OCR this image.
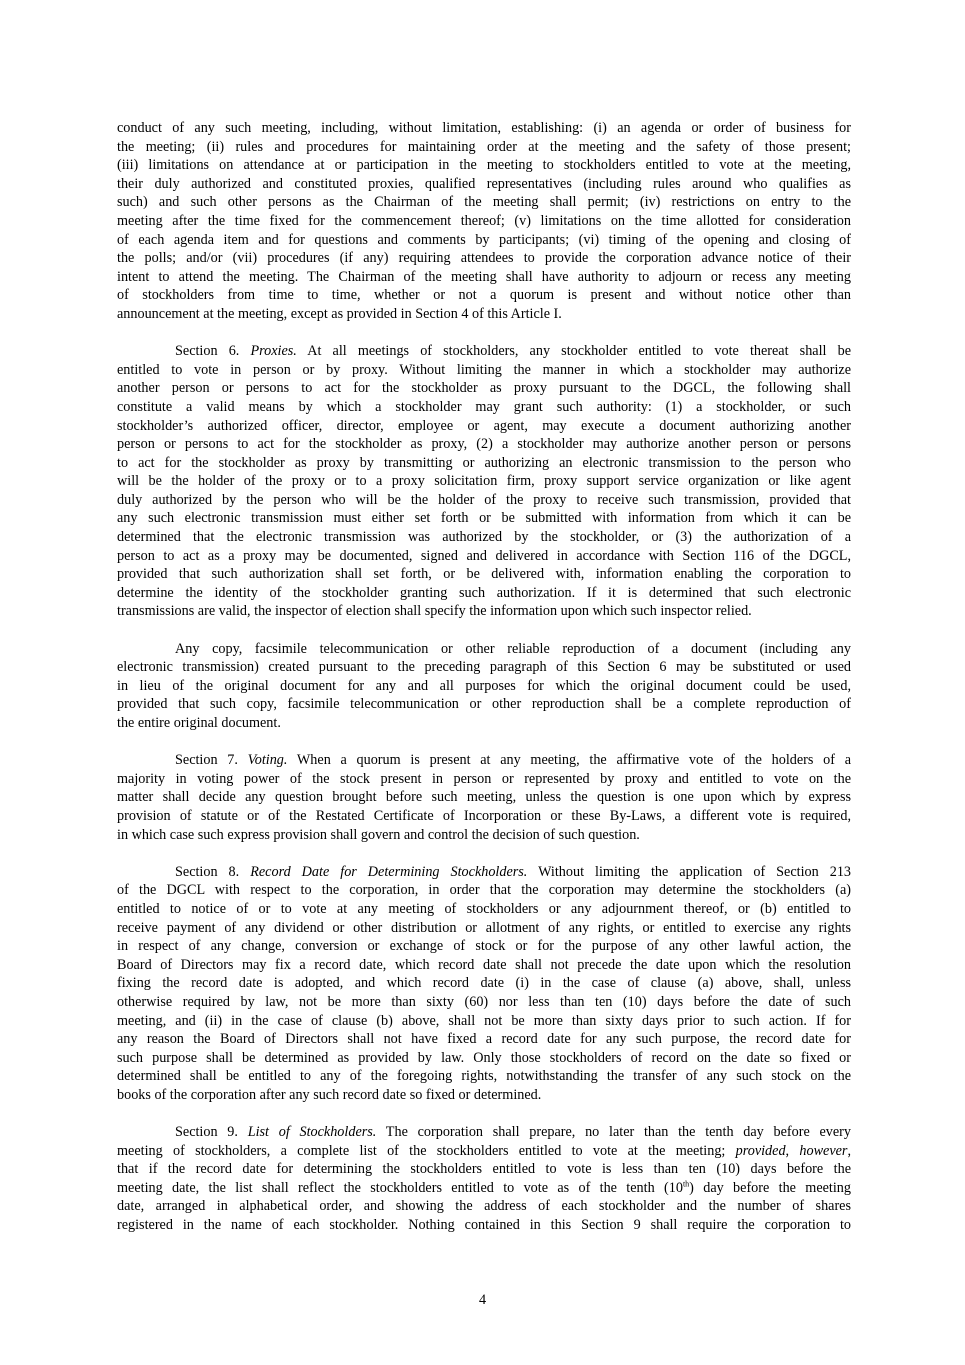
conduct of any such meeting, including, without limitation, establishing: (i) an agenda or order of business for
the meeting; (ii) rules and procedures for maintaining order at the meeting and the safety of those present;
(iii) limitations on attendance at or participation in the meeting to stockholders entitled to vote at the meeting,
their duly authorized and constituted proxies, qualified representatives (including rules around who qualifies as
such) and such other persons as the Chairman of the meeting shall permit; (iv) restrictions on entry to the
meeting after the time fixed for the commencement thereof; (v) limitations on the time allotted for consideration
of each agenda item and for questions and comments by participants; (vi) timing of the opening and closing of
the polls; and/or (vii) procedures (if any) requiring attendees to provide the corporation advance notice of their
intent to attend the meeting. The Chairman of the meeting shall have authority to adjourn or recess any meeting
of stockholders from time to time, whether or not a quorum is present and without notice other than
announcement at the meeting, except as provided in Section 4 of this Article I.

Section 6. Proxies. At all meetings of stockholders, any stockholder entitled to vote thereat shall be
entitled to vote in person or by proxy. Without limiting the manner in which a stockholder may authorize
another person or persons to act for the stockholder as proxy pursuant to the DGCL, the following shall
constitute a valid means by which a stockholder may grant such authority: (1) a stockholder, or such
stockholder’s authorized officer, director, employee or agent, may execute a document authorizing another
person or persons to act for the stockholder as proxy, (2) a stockholder may authorize another person or persons
to act for the stockholder as proxy by transmitting or authorizing an electronic transmission to the person who
will be the holder of the proxy or to a proxy solicitation firm, proxy support service organization or like agent
duly authorized by the person who will be the holder of the proxy to receive such transmission, provided that
any such electronic transmission must either set forth or be submitted with information from which it can be
determined that the electronic transmission was authorized by the stockholder, or (3) the authorization of a
person to act as a proxy may be documented, signed and delivered in accordance with Section 116 of the DGCL,
provided that such authorization shall set forth, or be delivered with, information enabling the corporation to
determine the identity of the stockholder granting such authorization. If it is determined that such electronic
transmissions are valid, the inspector of election shall specify the information upon which such inspector relied.

Any copy, facsimile telecommunication or other reliable reproduction of a document (including any
electronic transmission) created pursuant to the preceding paragraph of this Section 6 may be substituted or used
in lieu of the original document for any and all purposes for which the original document could be used,
provided that such copy, facsimile telecommunication or other reproduction shall be a complete reproduction of
the entire original document.

Section 7. Voting. When a quorum is present at any meeting, the affirmative vote of the holders of a
majority in voting power of the stock present in person or represented by proxy and entitled to vote on the
matter shall decide any question brought before such meeting, unless the question is one upon which by express
provision of statute or of the Restated Certificate of Incorporation or these By-Laws, a different vote is required,
in which case such express provision shall govern and control the decision of such question.

Section 8. Record Date for Determining Stockholders. Without limiting the application of Section 213
of the DGCL with respect to the corporation, in order that the corporation may determine the stockholders (a)
entitled to notice of or to vote at any meeting of stockholders or any adjournment thereof, or (b) entitled to
receive payment of any dividend or other distribution or allotment of any rights, or entitled to exercise any rights
in respect of any change, conversion or exchange of stock or for the purpose of any other lawful action, the
Board of Directors may fix a record date, which record date shall not precede the date upon which the resolution
fixing the record date is adopted, and which record date (i) in the case of clause (a) above, shall, unless
otherwise required by law, not be more than sixty (60) nor less than ten (10) days before the date of such
meeting, and (ii) in the case of clause (b) above, shall not be more than sixty days prior to such action. If for
any reason the Board of Directors shall not have fixed a record date for any such purpose, the record date for
such purpose shall be determined as provided by law. Only those stockholders of record on the date so fixed or
determined shall be entitled to any of the foregoing rights, notwithstanding the transfer of any such stock on the
books of the corporation after any such record date so fixed or determined.

Section 9. List of Stockholders. The corporation shall prepare, no later than the tenth day before every
meeting of stockholders, a complete list of the stockholders entitled to vote at the meeting; provided, however,
that if the record date for determining the stockholders entitled to vote is less than ten (10) days before the
meeting date, the list shall reflect the stockholders entitled to vote as of the tenth (10th) day before the meeting
date, arranged in alphabetical order, and showing the address of each stockholder and the number of shares
registered in the name of each stockholder. Nothing contained in this Section 9 shall require the corporation to

4
